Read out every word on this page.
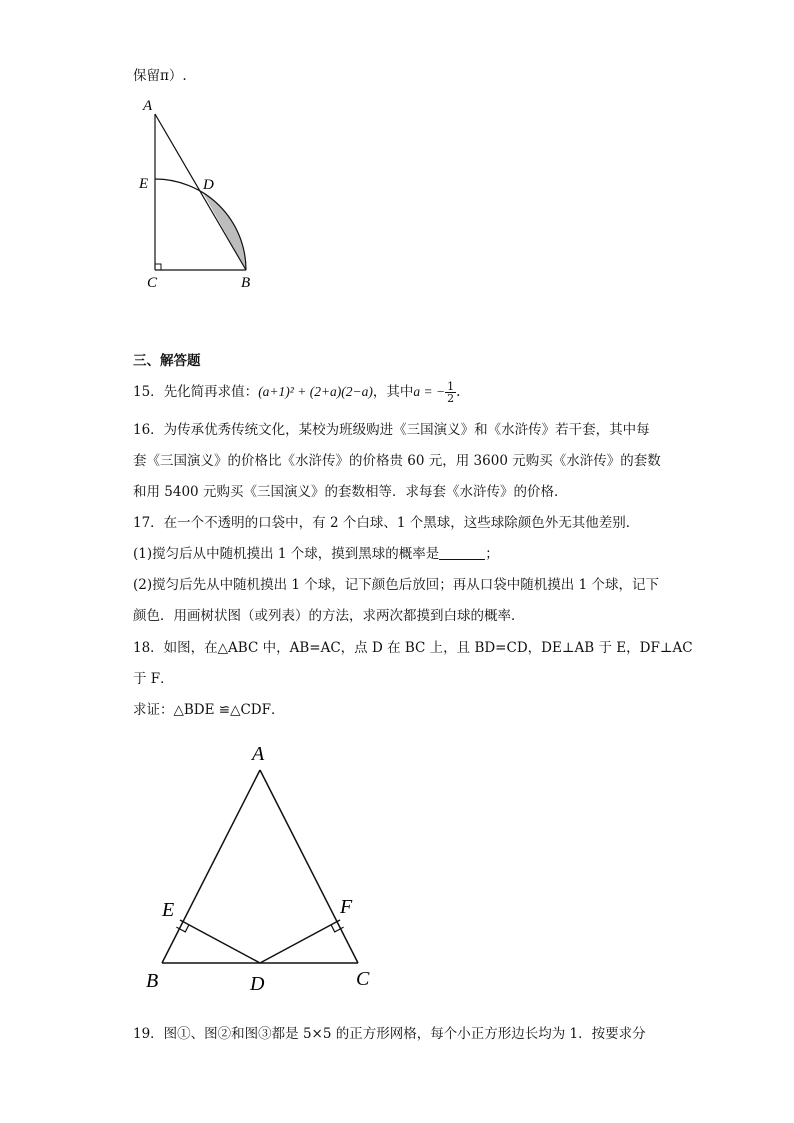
保留π）.
A
E	D
C	B
三、解答题
15．先化简再求值：(a+1)² + (2+a)(2−a)，其中a = − $\frac{1}{2}$ .
16．为传承优秀传统文化，某校为班级购进《三国演义》和《水浒传》若干套，其中每
套《三国演义》的价格比《水浒传》的价格贵 60 元，用 3600 元购买《水浒传》的套数
和用 5400 元购买《三国演义》的套数相等．求每套《水浒传》的价格．
17．在一个不透明的口袋中，有 2 个白球、1 个黑球，这些球除颜色外无其他差别．
(1)搅匀后从中随机摸出 1 个球，摸到黑球的概率是	；
(2)搅匀后先从中随机摸出 1 个球，记下颜色后放回；再从口袋中随机摸出 1 个球，记下
颜色．用画树状图（或列表）的方法，求两次都摸到白球的概率．
18．如图，在△ABC 中，AB=AC，点 D 在 BC 上，且 BD=CD，DE⊥AB 于 E，DF⊥AC
于 F．
求证：△BDE ≌△CDF．
A
E	F
B	D	C
19．图①、图②和图③都是 5×5 的正方形网格，每个小正方形边长均为 1．按要求分
